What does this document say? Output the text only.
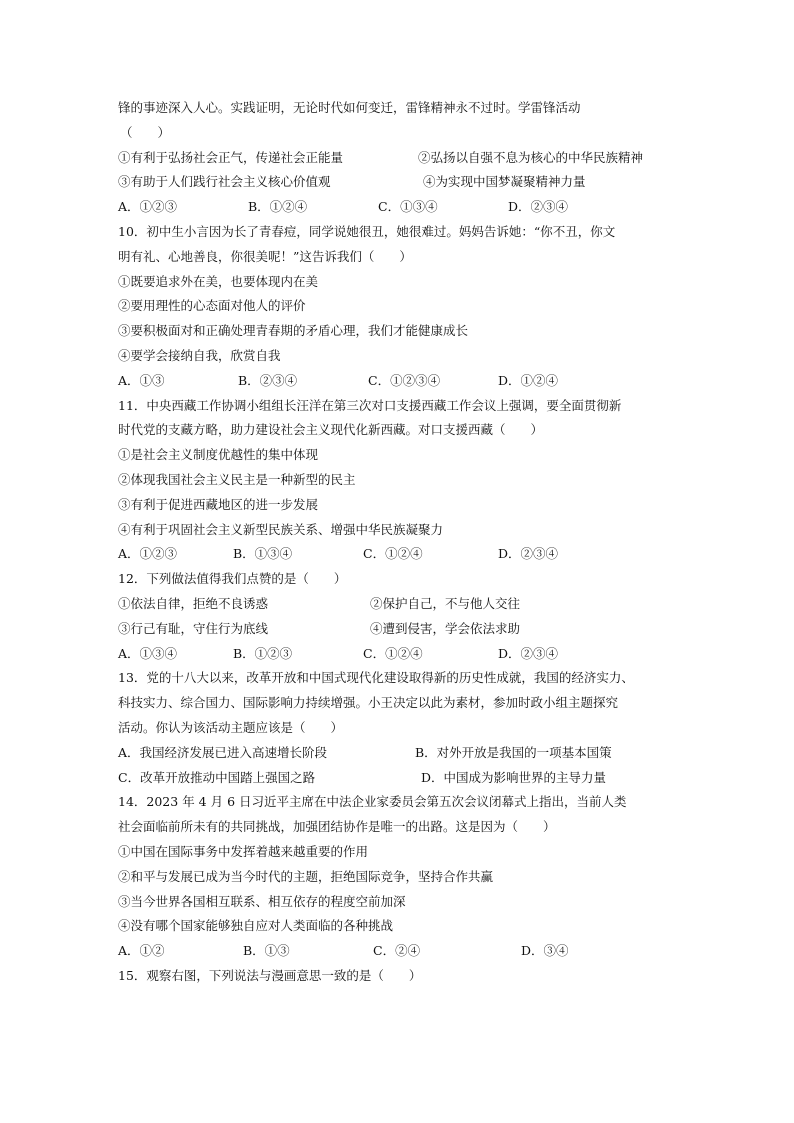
锋的事迹深入人心。实践证明，无论时代如何变迁，雷锋精神永不过时。学雷锋活动
（　　）
①有利于弘扬社会正气，传递社会正能量	②弘扬以自强不息为核心的中华民族精神
③有助于人们践行社会主义核心价值观	④为实现中国梦凝聚精神力量
A．①②③	B．①②④	C．①③④	D．②③④
10．初中生小言因为长了青春痘，同学说她很丑，她很难过。妈妈告诉她：“你不丑，你文
明有礼、心地善良，你很美呢！”这告诉我们（　　）
①既要追求外在美，也要体现内在美
②要用理性的心态面对他人的评价
③要积极面对和正确处理青春期的矛盾心理，我们才能健康成长
④要学会接纳自我，欣赏自我
A．①③	B．②③④	C．①②③④	D．①②④
11．中央西藏工作协调小组组长汪洋在第三次对口支援西藏工作会议上强调，要全面贯彻新
时代党的支藏方略，助力建设社会主义现代化新西藏。对口支援西藏（　　）
①是社会主义制度优越性的集中体现
②体现我国社会主义民主是一种新型的民主
③有利于促进西藏地区的进一步发展
④有利于巩固社会主义新型民族关系、增强中华民族凝聚力
A．①②③	B．①③④	C．①②④	D．②③④
12．下列做法值得我们点赞的是（　　）
①依法自律，拒绝不良诱惑	②保护自己，不与他人交往
③行己有耻，守住行为底线	④遭到侵害，学会依法求助
A．①③④	B．①②③	C．①②④	D．②③④
13．党的十八大以来，改革开放和中国式现代化建设取得新的历史性成就，我国的经济实力、
科技实力、综合国力、国际影响力持续增强。小王决定以此为素材，参加时政小组主题探究
活动。你认为该活动主题应该是（　　）
A．我国经济发展已进入高速增长阶段	B．对外开放是我国的一项基本国策
C．改革开放推动中国踏上强国之路	D．中国成为影响世界的主导力量
14．2023 年 4 月 6 日习近平主席在中法企业家委员会第五次会议闭幕式上指出，当前人类
社会面临前所未有的共同挑战，加强团结协作是唯一的出路。这是因为（　　）
①中国在国际事务中发挥着越来越重要的作用
②和平与发展已成为当今时代的主题，拒绝国际竞争，坚持合作共赢
③当今世界各国相互联系、相互依存的程度空前加深
④没有哪个国家能够独自应对人类面临的各种挑战
A．①②	B．①③	C．②④	D．③④
15．观察右图，下列说法与漫画意思一致的是（　　）
